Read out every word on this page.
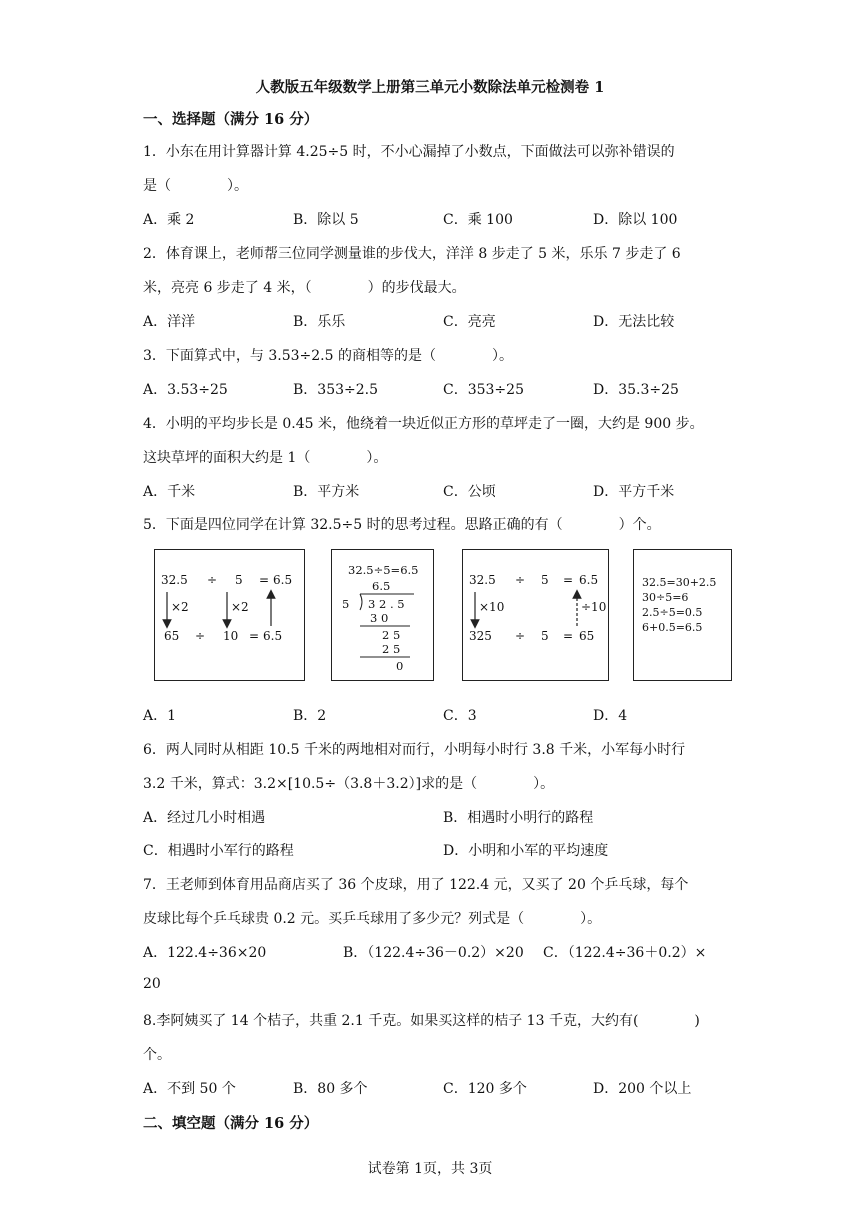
人教版五年级数学上册第三单元小数除法单元检测卷 1
一、选择题（满分 16 分）
1．小东在用计算器计算 4.25÷5 时，不小心漏掉了小数点，下面做法可以弥补错误的
是（　　　　）。
A．乘 2	B．除以 5	C．乘 100	D．除以 100
2．体育课上，老师帮三位同学测量谁的步伐大，洋洋 8 步走了 5 米，乐乐 7 步走了 6
米，亮亮 6 步走了 4 米，（　　　　）的步伐最大。
A．洋洋	B．乐乐	C．亮亮	D．无法比较
3．下面算式中，与 3.53÷2.5 的商相等的是（　　　　）。
A．3.53÷25	B．353÷2.5	C．353÷25	D．35.3÷25
4．小明的平均步长是 0.45 米，他绕着一块近似正方形的草坪走了一圈，大约是 900 步。
这块草坪的面积大约是 1（　　　　）。
A．千米	B．平方米	C．公顷	D．平方千米
5．下面是四位同学在计算 32.5÷5 时的思考过程。思路正确的有（　　　　）个。
32.5 ÷ 5 = 6.5
×2	×2
65 ÷ 10 = 6.5
32.5÷5=6.5
6.5
5 3 2 . 5
3 0
2 5
2 5
0
32.5 ÷ 5 = 6.5
×10	÷10
325 ÷ 5 = 65
32.5=30+2.5
30÷5=6
2.5÷5=0.5
6+0.5=6.5
A．1	B．2	C．3	D．4
6．两人同时从相距 10.5 千米的两地相对而行，小明每小时行 3.8 千米，小军每小时行
3.2 千米，算式：3.2×[10.5÷（3.8＋3.2）]求的是（　　　　）。
A．经过几小时相遇	B．相遇时小明行的路程
C．相遇时小军行的路程	D．小明和小军的平均速度
7．王老师到体育用品商店买了 36 个皮球，用了 122.4 元，又买了 20 个乒乓球，每个
皮球比每个乒乓球贵 0.2 元。买乒乓球用了多少元？列式是（　　　　）。
A．122.4÷36×20	B．（122.4÷36－0.2）×20 C．（122.4÷36＋0.2）×
20
8.李阿姨买了 14 个桔子，共重 2.1 千克。如果买这样的桔子 13 千克，大约有(　　　　)
个。
A．不到 50 个	B．80 多个	C．120 多个	D．200 个以上
二、填空题（满分 16 分）
试卷第 1页，共 3页
